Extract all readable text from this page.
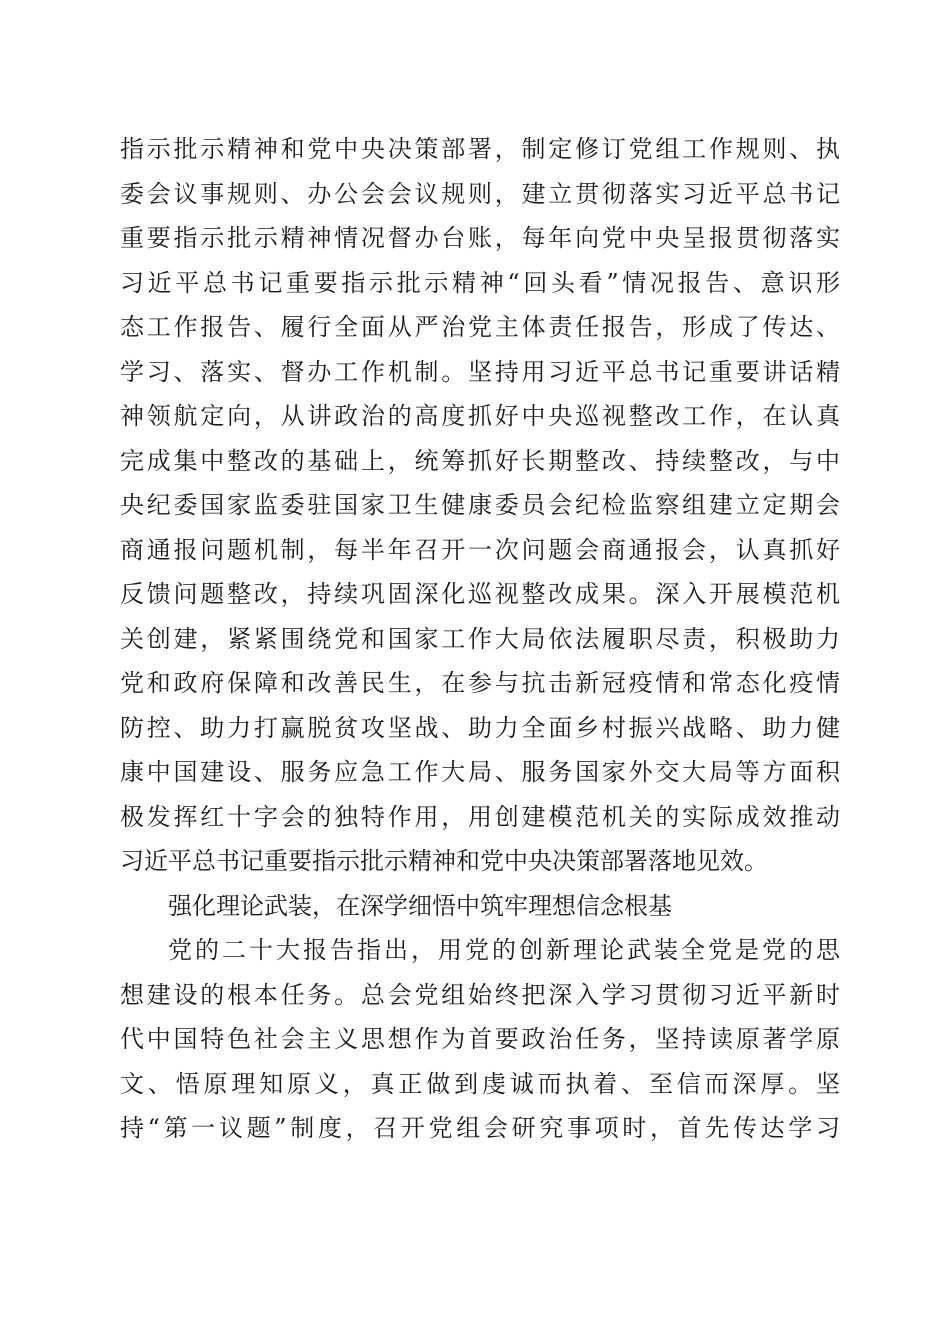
指示批示精神和党中央决策部署，制定修订党组工作规则、执
委会议事规则、办公会会议规则，建立贯彻落实习近平总书记
重要指示批示精神情况督办台账，每年向党中央呈报贯彻落实
习近平总书记重要指示批示精神“回头看”情况报告、意识形
态工作报告、履行全面从严治党主体责任报告，形成了传达、
学习、落实、督办工作机制。坚持用习近平总书记重要讲话精
神领航定向，从讲政治的高度抓好中央巡视整改工作，在认真
完成集中整改的基础上，统筹抓好长期整改、持续整改，与中
央纪委国家监委驻国家卫生健康委员会纪检监察组建立定期会
商通报问题机制，每半年召开一次问题会商通报会，认真抓好
反馈问题整改，持续巩固深化巡视整改成果。深入开展模范机
关创建，紧紧围绕党和国家工作大局依法履职尽责，积极助力
党和政府保障和改善民生，在参与抗击新冠疫情和常态化疫情
防控、助力打赢脱贫攻坚战、助力全面乡村振兴战略、助力健
康中国建设、服务应急工作大局、服务国家外交大局等方面积
极发挥红十字会的独特作用，用创建模范机关的实际成效推动
习近平总书记重要指示批示精神和党中央决策部署落地见效。
强化理论武装，在深学细悟中筑牢理想信念根基
党的二十大报告指出，用党的创新理论武装全党是党的思
想建设的根本任务。总会党组始终把深入学习贯彻习近平新时
代中国特色社会主义思想作为首要政治任务，坚持读原著学原
文、悟原理知原义，真正做到虔诚而执着、至信而深厚。坚
持“第一议题”制度，召开党组会研究事项时，首先传达学习
